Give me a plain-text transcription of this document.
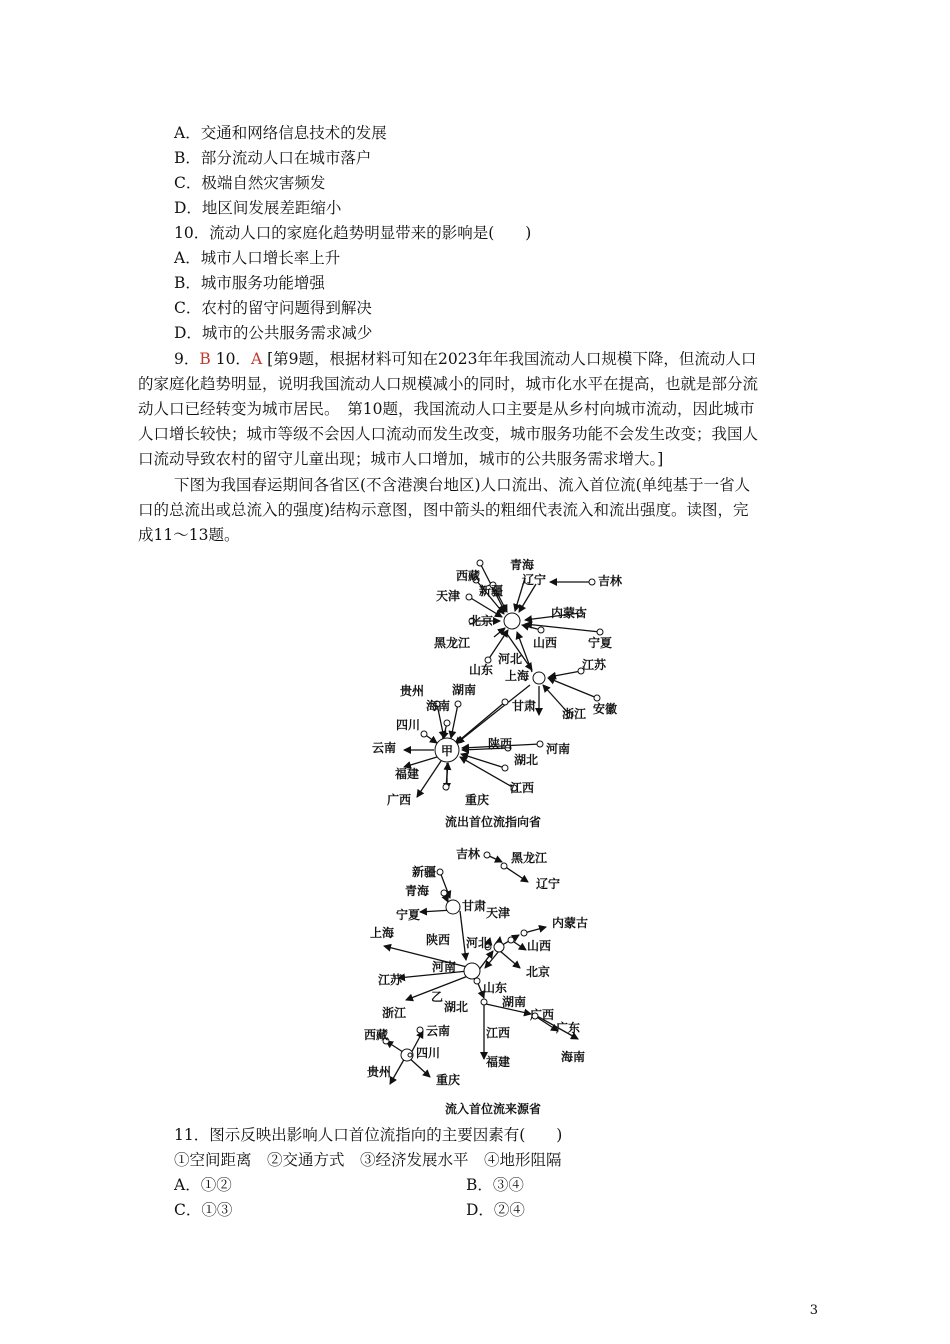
A．交通和网络信息技术的发展
B．部分流动人口在城市落户
C．极端自然灾害频发
D．地区间发展差距缩小
10．流动人口的家庭化趋势明显带来的影响是(　　)
A．城市人口增长率上升
B．城市服务功能增强
C．农村的留守问题得到解决
D．城市的公共服务需求减少
9．B 10．A [第9题，根据材料可知在2023年年我国流动人口规模下降，但流动人口
的家庭化趋势明显，说明我国流动人口规模减小的同时，城市化水平在提高，也就是部分流
动人口已经转变为城市居民。　第10题，我国流动人口主要是从乡村向城市流动，因此城市
人口增长较快；城市等级不会因人口流动而发生改变，城市服务功能不会发生改变；我国人
口流动导致农村的留守儿童出现；城市人口增加，城市的公共服务需求增大。]
下图为我国春运期间各省区(不含港澳台地区)人口流出、流入首位流(单纯基于一省人
口的总流出或总流入的强度)结构示意图，图中箭头的粗细代表流入和流出强度。读图，完
成11～13题。
青海
西藏	辽宁	吉林
新疆
天津
北京
内蒙古
黑龙江	山西	宁夏
河北
山东 上海
江苏
贵州 湖南
海南	甘肃	安徽
四川
浙江
陕西
云南	甲
湖北
河南
福建
江西
广西	重庆
流出首位流指向省
吉林	黑龙江
新疆
辽宁
青海
甘肃
宁夏	天津
内蒙古
陕西 河北
上海
山西
河南
江苏
北京
乙
山东
湖北	湖南
浙江	广西
西藏	云南	广东
江西
四川	海南
贵州
重庆
福建
流入首位流来源省
11．图示反映出影响人口首位流指向的主要因素有(　　)
①空间距离　②交通方式　③经济发展水平　④地形阻隔
A．①②	B．③④
C．①③	D．②④
3
